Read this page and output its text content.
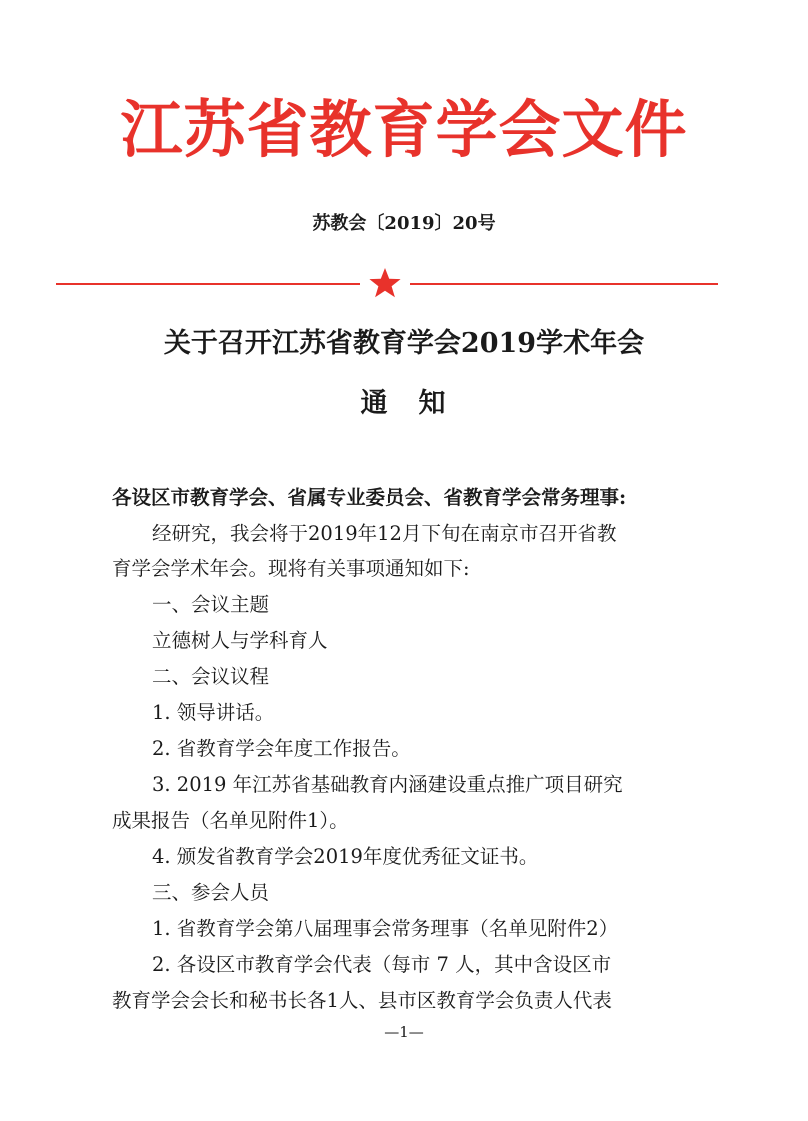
江苏省教育学会文件
苏教会〔2019〕20号
关于召开江苏省教育学会2019学术年会
通　知
各设区市教育学会、省属专业委员会、省教育学会常务理事:
经研究，我会将于2019年12月下旬在南京市召开省教
育学会学术年会。现将有关事项通知如下:
一、会议主题
立德树人与学科育人
二、会议议程
1. 领导讲话。
2. 省教育学会年度工作报告。
3. 2019 年江苏省基础教育内涵建设重点推广项目研究
成果报告（名单见附件1）。
4. 颁发省教育学会2019年度优秀征文证书。
三、参会人员
1. 省教育学会第八届理事会常务理事（名单见附件2）
2. 各设区市教育学会代表（每市 7 人，其中含设区市
教育学会会长和秘书长各1人、县市区教育学会负责人代表
—1—
